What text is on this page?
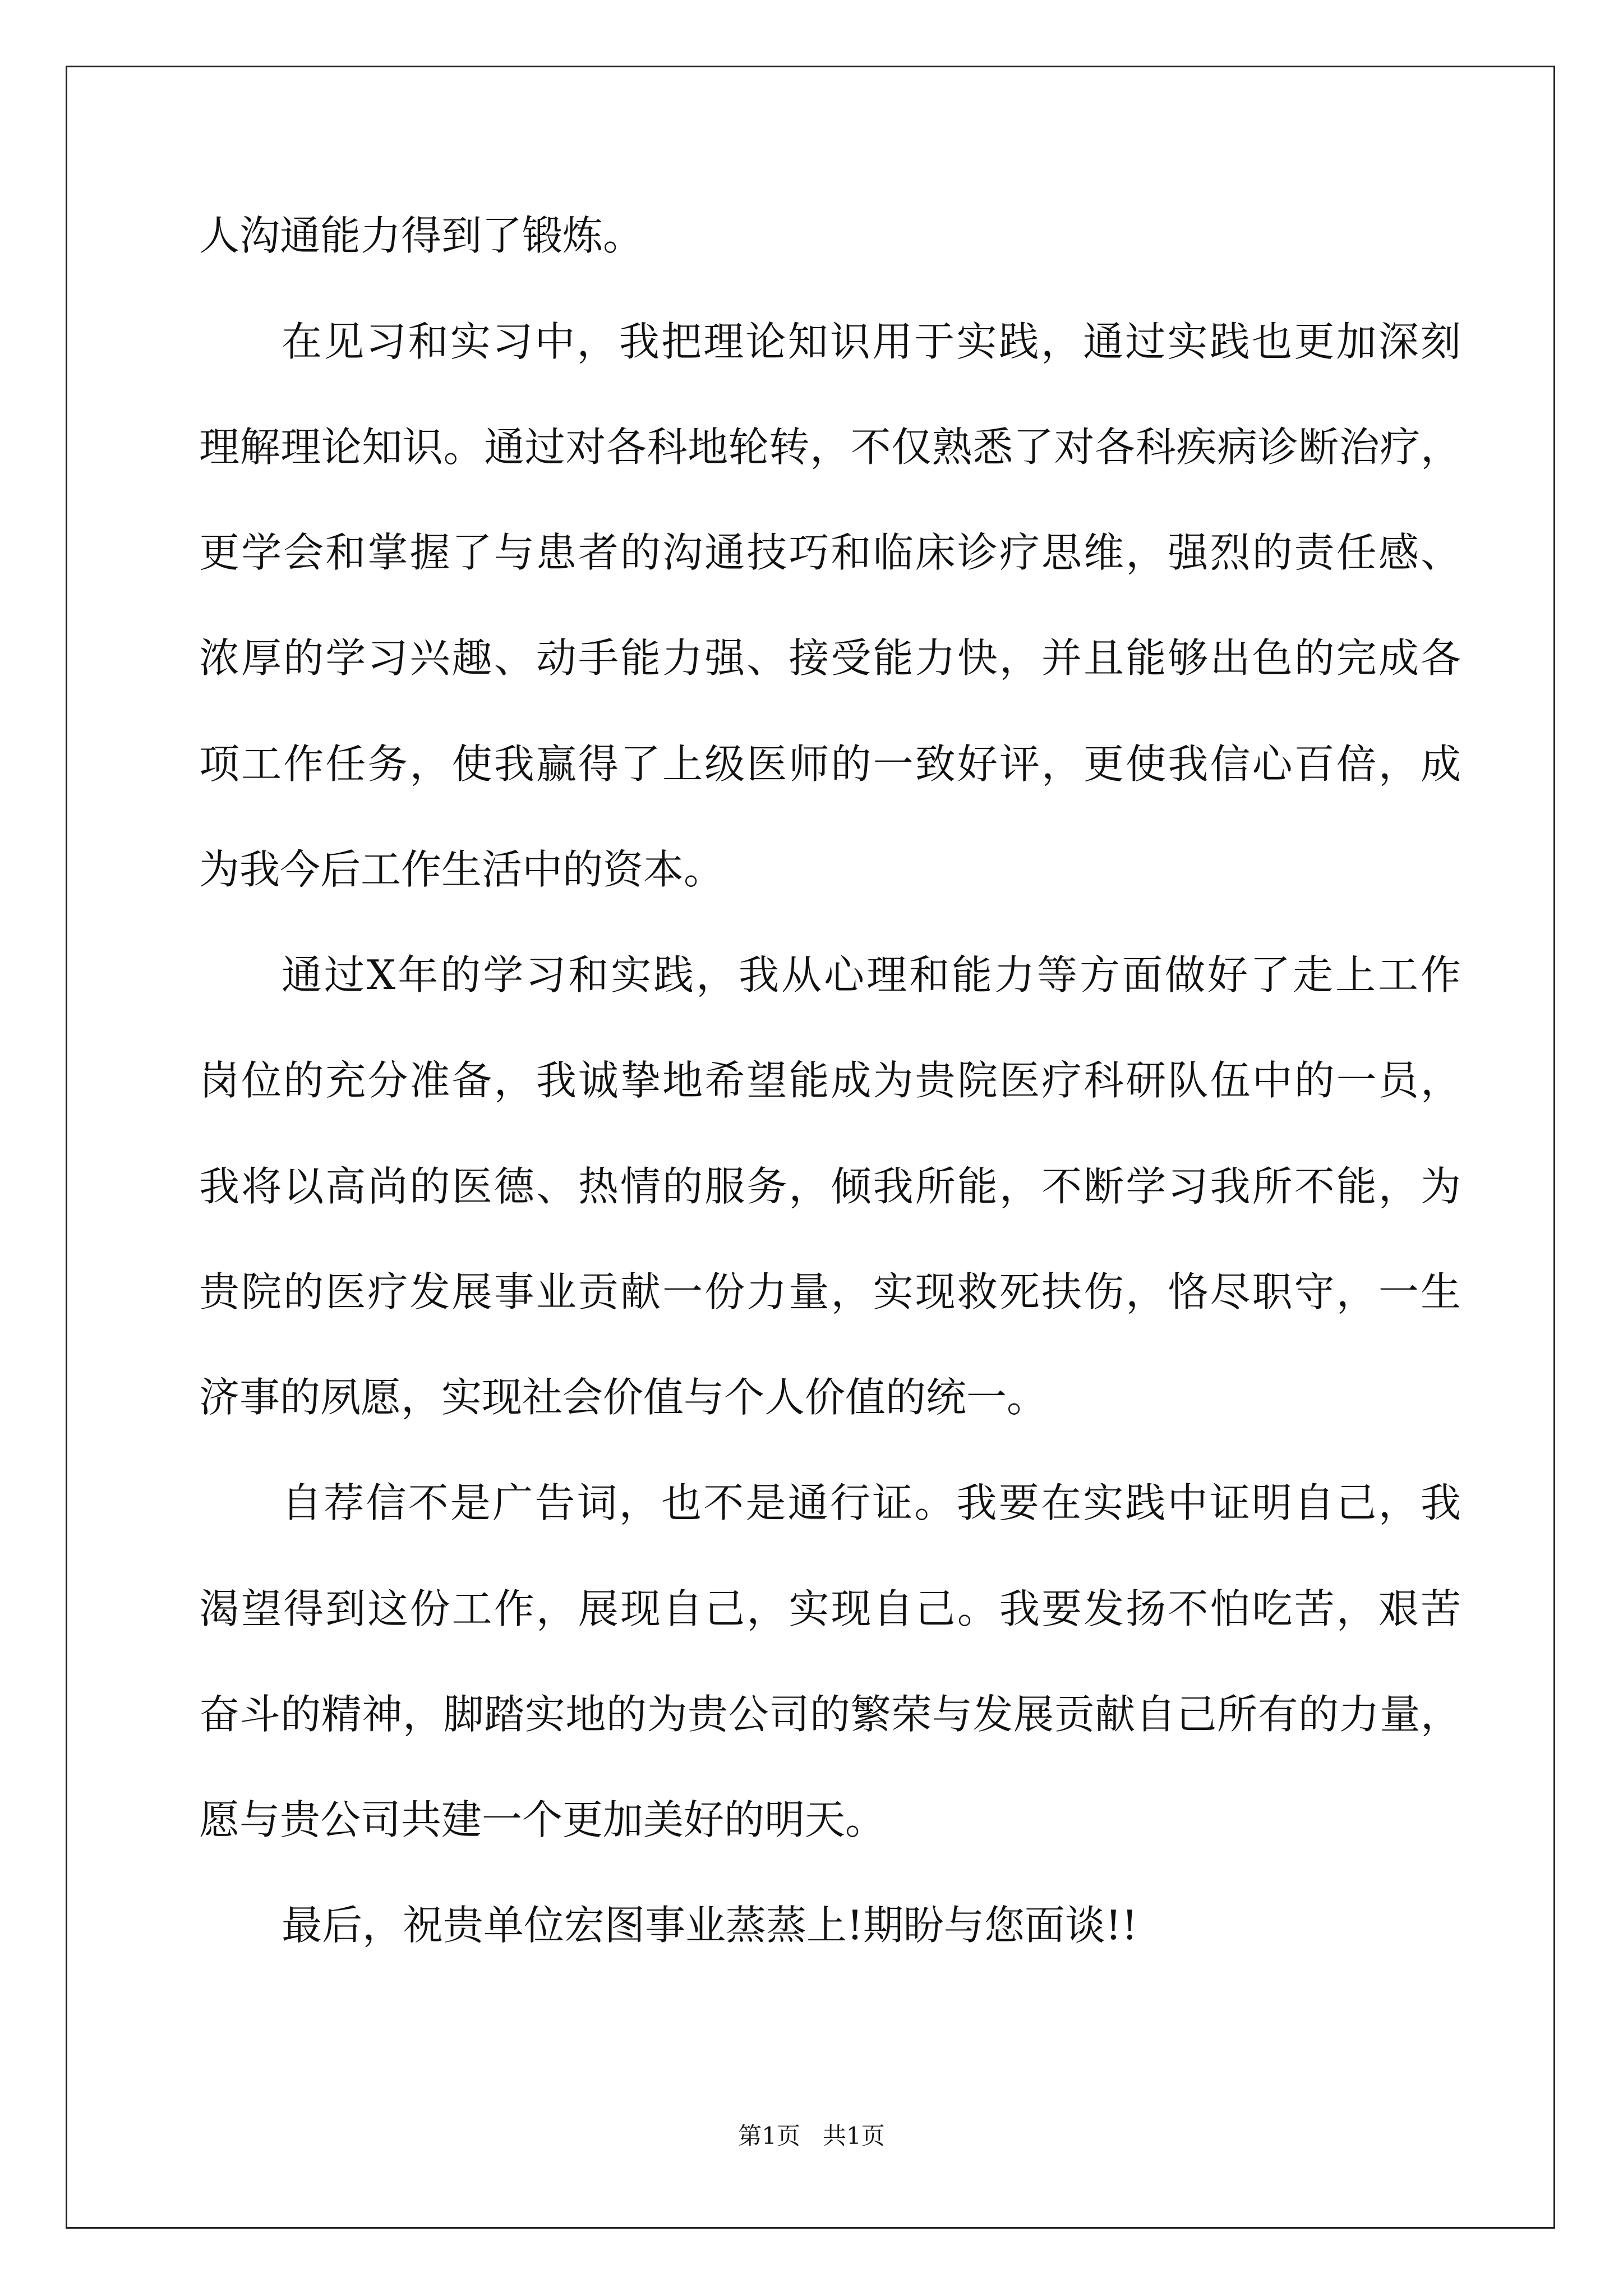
人沟通能力得到了锻炼。
在见习和实习中，我把理论知识用于实践，通过实践也更加深刻
理解理论知识。通过对各科地轮转，不仅熟悉了对各科疾病诊断治疗，
更学会和掌握了与患者的沟通技巧和临床诊疗思维，强烈的责任感、
浓厚的学习兴趣、动手能力强、接受能力快，并且能够出色的完成各
项工作任务，使我赢得了上级医师的一致好评，更使我信心百倍，成
为我今后工作生活中的资本。
通过X年的学习和实践，我从心理和能力等方面做好了走上工作
岗位的充分准备，我诚挚地希望能成为贵院医疗科研队伍中的一员，
我将以高尚的医德、热情的服务，倾我所能，不断学习我所不能，为
贵院的医疗发展事业贡献一份力量，实现救死扶伤，恪尽职守，一生
济事的夙愿，实现社会价值与个人价值的统一。
自荐信不是广告词，也不是通行证。我要在实践中证明自己，我
渴望得到这份工作，展现自己，实现自己。我要发扬不怕吃苦，艰苦
奋斗的精神，脚踏实地的为贵公司的繁荣与发展贡献自己所有的力量，
愿与贵公司共建一个更加美好的明天。
最后，祝贵单位宏图事业蒸蒸上!期盼与您面谈!!
第1页   共1页
